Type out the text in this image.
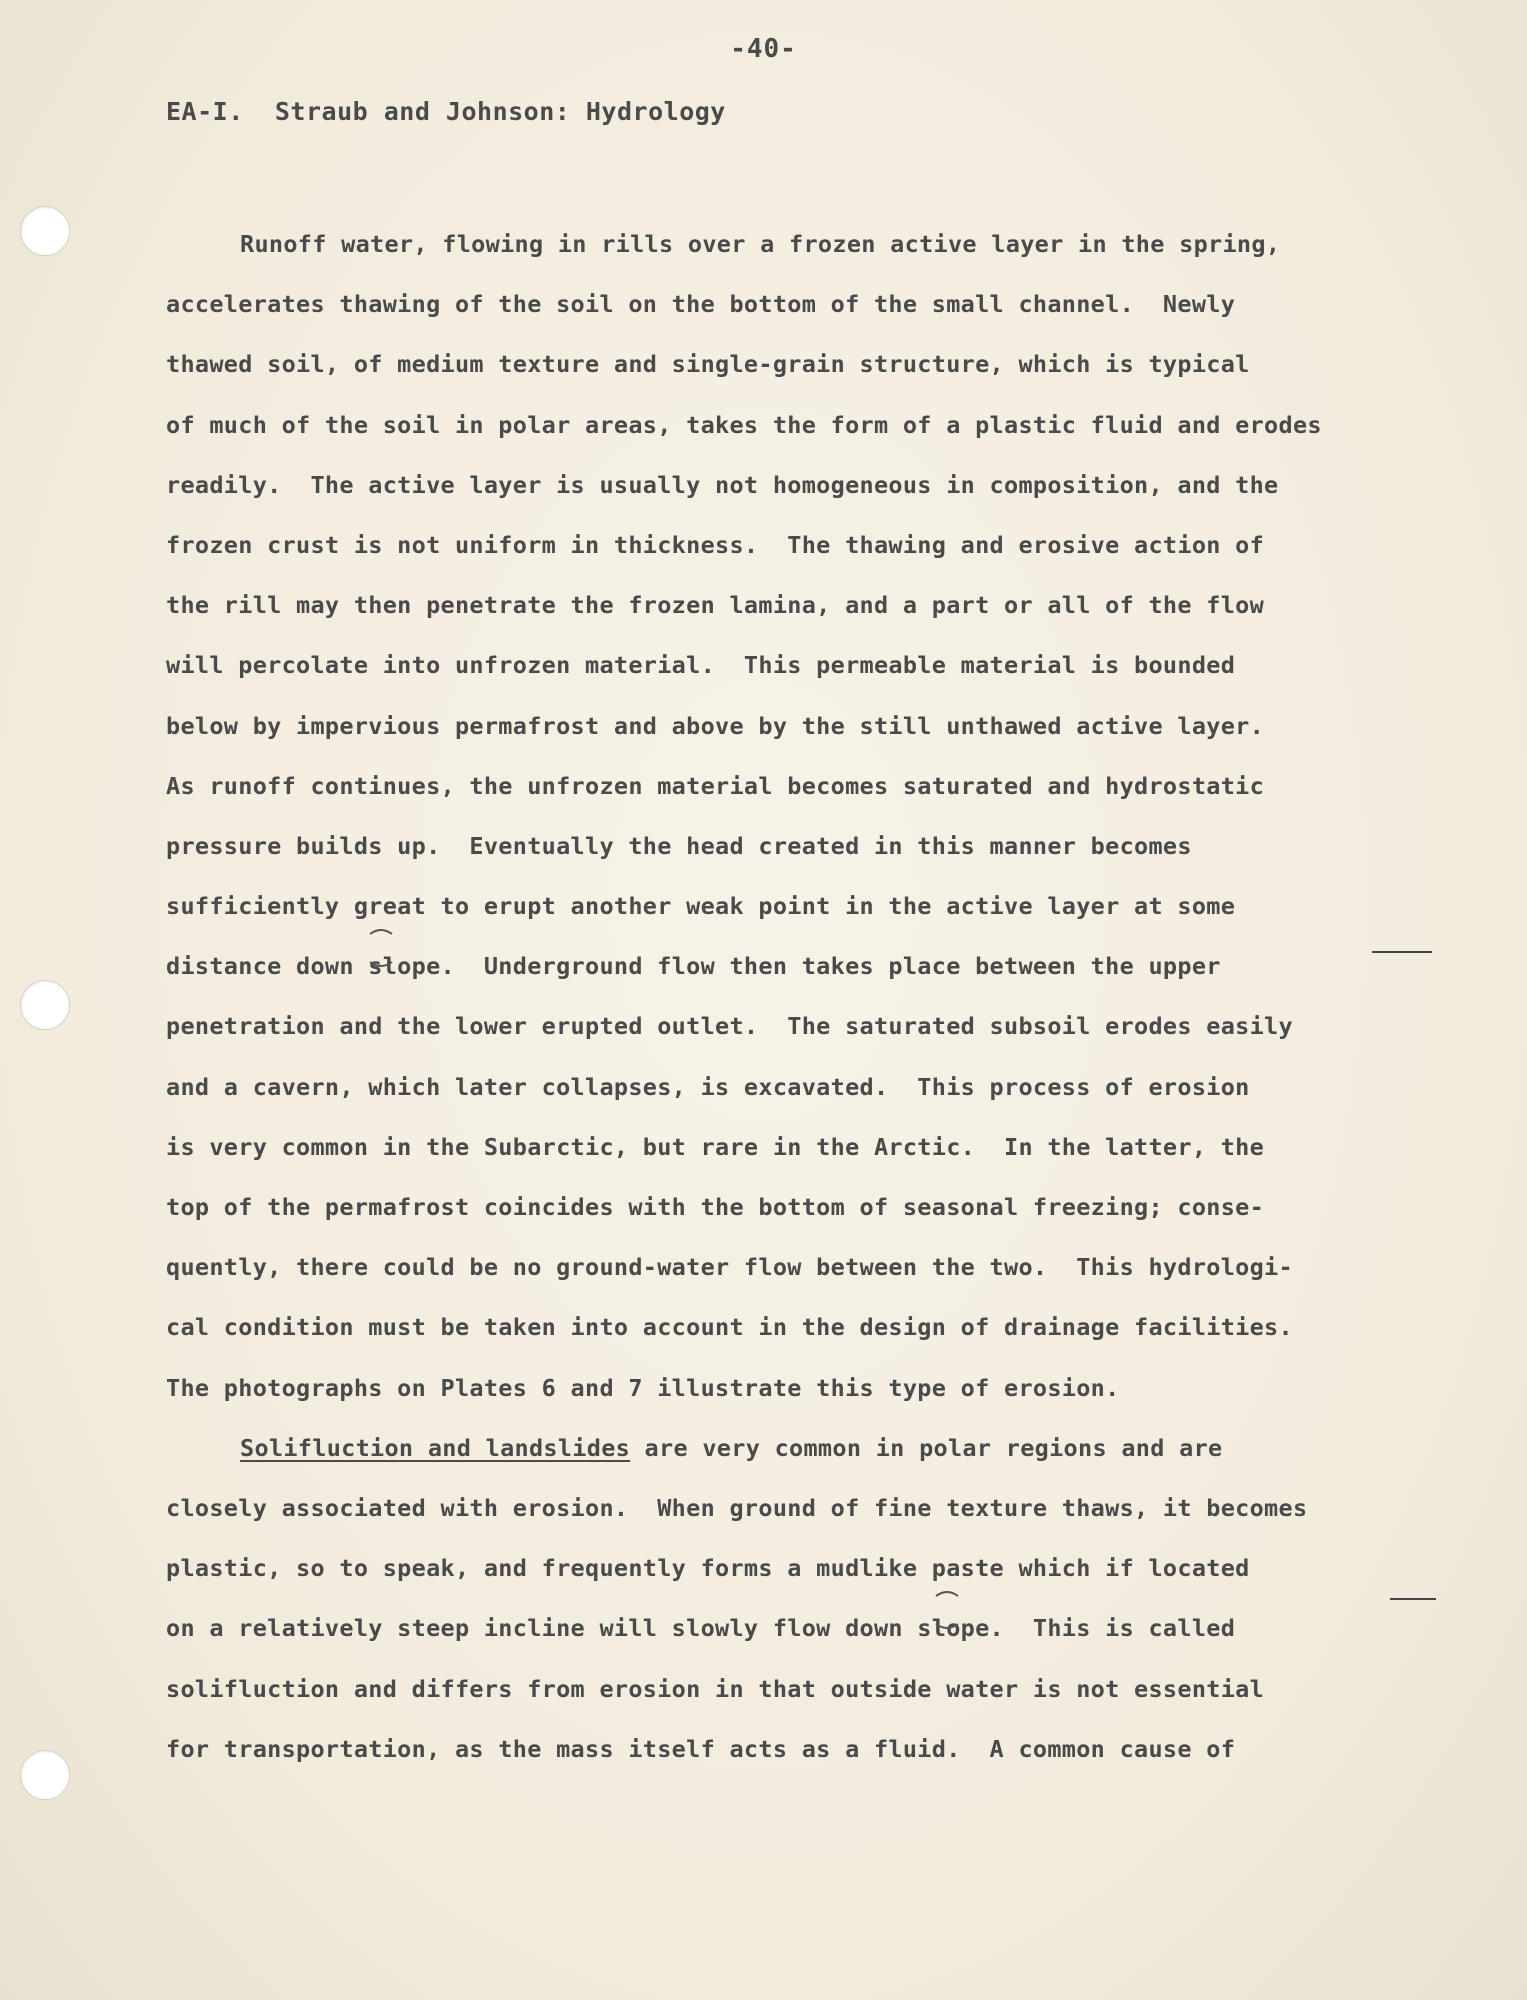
-40-
EA-I.  Straub and Johnson: Hydrology
Runoff water, flowing in rills over a frozen active layer in the spring,
accelerates thawing of the soil on the bottom of the small channel.  Newly
thawed soil, of medium texture and single-grain structure, which is typical
of much of the soil in polar areas, takes the form of a plastic fluid and erodes
readily.  The active layer is usually not homogeneous in composition, and the
frozen crust is not uniform in thickness.  The thawing and erosive action of
the rill may then penetrate the frozen lamina, and a part or all of the flow
will percolate into unfrozen material.  This permeable material is bounded
below by impervious permafrost and above by the still unthawed active layer.
As runoff continues, the unfrozen material becomes saturated and hydrostatic
pressure builds up.  Eventually the head created in this manner becomes
sufficiently great to erupt another weak point in the active layer at some
distance down slope.  Underground flow then takes place between the upper
penetration and the lower erupted outlet.  The saturated subsoil erodes easily
and a cavern, which later collapses, is excavated.  This process of erosion
is very common in the Subarctic, but rare in the Arctic.  In the latter, the
top of the permafrost coincides with the bottom of seasonal freezing; conse-
quently, there could be no ground-water flow between the two.  This hydrologi-
cal condition must be taken into account in the design of drainage facilities.
The photographs on Plates 6 and 7 illustrate this type of erosion.
Solifluction and landslides are very common in polar regions and are
closely associated with erosion.  When ground of fine texture thaws, it becomes
plastic, so to speak, and frequently forms a mudlike paste which if located
on a relatively steep incline will slowly flow down slope.  This is called
solifluction and differs from erosion in that outside water is not essential
for transportation, as the mass itself acts as a fluid.  A common cause of
